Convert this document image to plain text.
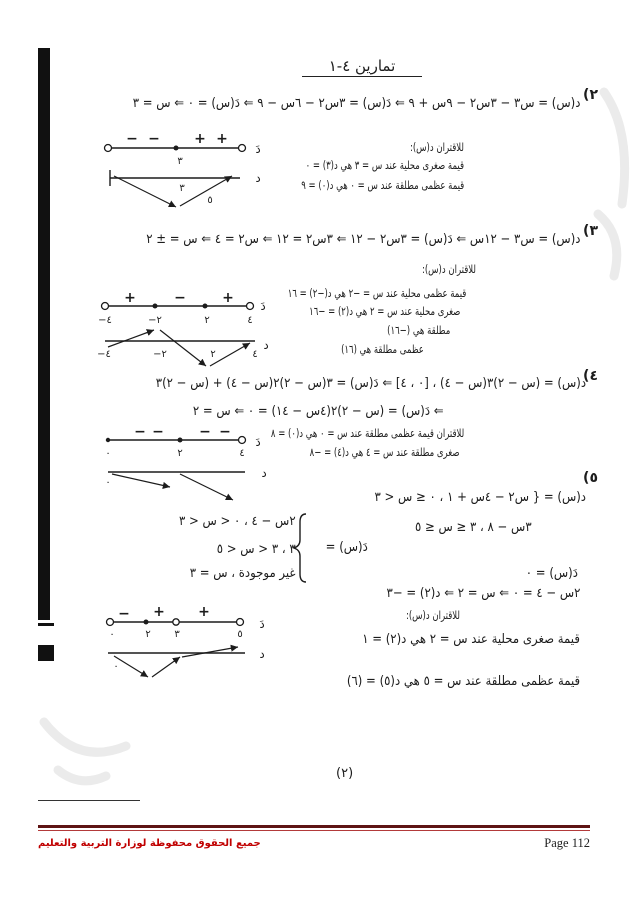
− − + +
دَ
٣
د
٣
٥
+	−	+ دَ
−٤	−٢	٢	٤
د
−٤	−٢	٢	٤
− −	− −
دَ
٠	٢	٤
د
٠
− + +
دَ
٠	٢ ٣	٥
د
٠
تمارين ٤-١
٢)
د(س) = س٣ − ٣س٢ − ٩س + ٩ ⇐ دَ(س) = ٣س٢ − ٦س − ٩ ⇐ دَ(س) = ٠ ⇐ س = ٣
للاقتران د(س):
قيمة صغرى محلية عند س = ٣ هي د(٣) = ٠
قيمة عظمى مطلقة عند س = ٠ هي د(٠) = ٩
٣)
د(س) = س٣ − ١٢س ⇐ دَ(س) = ٣س٢ − ١٢ ⇐ ٣س٢ = ١٢ ⇐ س٢ = ٤ ⇐ س = ± ٢
للاقتران د(س):
قيمة عظمى محلية عند س = −٢ هي د(−٢) = ١٦
صغرى محلية عند س = ٢ هي د(٢) = −١٦
مطلقة هي (−١٦)
عظمى مطلقة هي (١٦)
٤)
د(س) = (س − ٢)٣(س − ٤) ، [٠ ، ٤] ⇐ دَ(س) = ٣(س − ٢)٢(س − ٤) + (س − ٢)٣
⇐ دَ(س) = (س − ٢)٢(٤س − ١٤) = ٠ ⇐ س = ٢
للاقتران قيمة عظمى مطلقة عند س = ٠ هي د(٠) = ٨
صغرى مطلقة عند س = ٤ هي د(٤) = −٨
٥)
د(س) = { س٢ − ٤س + ١ ، ٠ ≤ س < ٣
٣س − ٨ ، ٣ ≤ س ≤ ٥
دَ(س) =
٢س − ٤ ، ٠ < س < ٣
٣ ، ٣ < س < ٥
غير موجودة ، س = ٣	دَ(س) = ٠
٢س − ٤ = ٠ ⇐ س = ٢ ⇐ د(٢) = −٣
للاقتران د(س):
قيمة صغرى محلية عند س = ٢ هي د(٢) = ١
قيمة عظمى مطلقة عند س = ٥ هي د(٥) = (٦)
(٢)
جميع الحقوق محفوظة لوزارة التربية والتعليم	Page 112
